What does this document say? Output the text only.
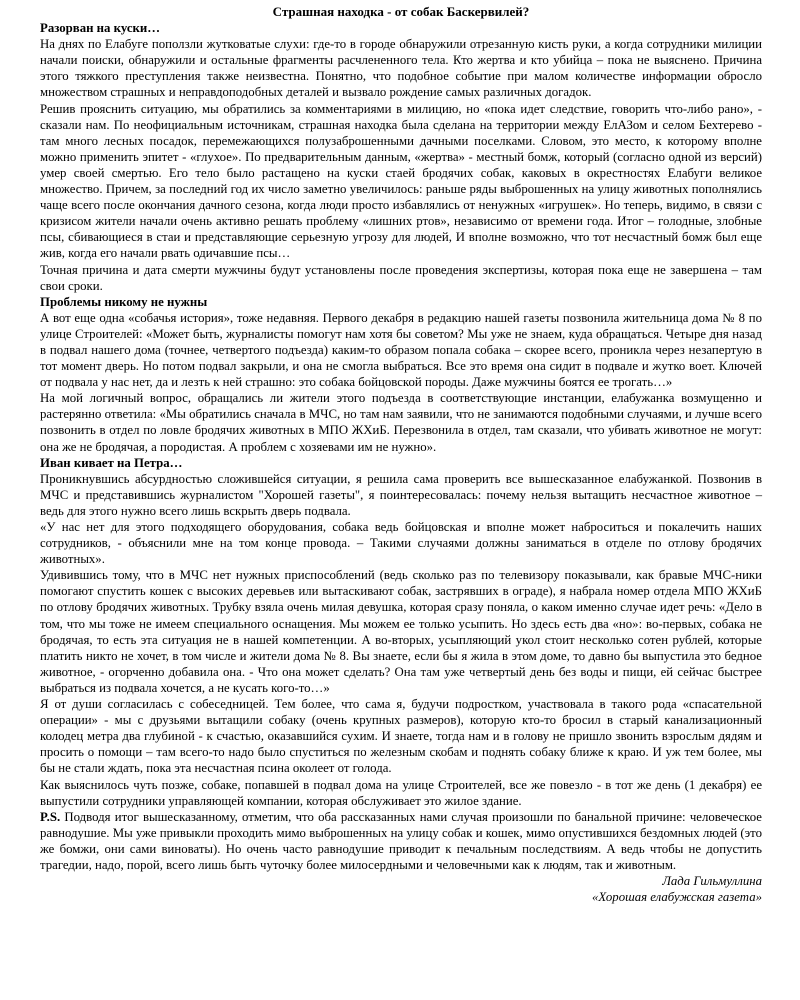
Страшная находка - от собак Баскервилей?

Разорван на куски…

На днях по Елабуге поползли жутковатые слухи: где-то в городе обнаружили отрезанную кисть руки, а когда сотрудники милиции начали поиски, обнаружили и остальные фрагменты расчлененного тела. Кто жертва и кто убийца – пока не выяснено. Причина этого тяжкого преступления также неизвестна. Понятно, что подобное событие при малом количестве информации обросло множеством страшных и неправдоподобных деталей и вызвало рождение самых различных догадок.

Решив прояснить ситуацию, мы обратились за комментариями в милицию, но «пока идет следствие, говорить что-либо рано», - сказали нам. По неофициальным источникам, страшная находка была сделана на территории между ЕлАЗом и селом Бехтерево - там много лесных посадок, перемежающихся полузаброшенными дачными поселками. Словом, это место, к которому вполне можно применить эпитет - «глухое». По предварительным данным, «жертва» - местный бомж, который (согласно одной из версий) умер своей смертью. Его тело было растащено на куски стаей бродячих собак, каковых в окрестностях Елабуги великое множество. Причем, за последний год их число заметно увеличилось: раньше ряды выброшенных на улицу животных пополнялись чаще всего после окончания дачного сезона, когда люди просто избавлялись от ненужных «игрушек». Но теперь, видимо, в связи с кризисом жители начали очень активно решать проблему «лишних ртов», независимо от времени года. Итог – голодные, злобные псы, сбивающиеся в стаи и представляющие серьезную угрозу для людей, И вполне возможно, что тот несчастный бомж был еще жив, когда его начали рвать одичавшие псы…

Точная причина и дата смерти мужчины будут установлены после проведения экспертизы, которая пока еще не завершена – там свои сроки.

Проблемы никому не нужны

А вот еще одна «собачья история», тоже недавняя. Первого декабря в редакцию нашей газеты позвонила жительница дома № 8 по улице Строителей: «Может быть, журналисты помогут нам хотя бы советом? Мы уже не знаем, куда обращаться. Четыре дня назад в подвал нашего дома (точнее, четвертого подъезда) каким-то образом попала собака – скорее всего, проникла через незапертую в тот момент дверь. Но потом подвал закрыли, и она не смогла выбраться. Все это время она сидит в подвале и жутко воет. Ключей от подвала у нас нет, да и лезть к ней страшно: это собака бойцовской породы. Даже мужчины боятся ее трогать…»

На мой логичный вопрос, обращались ли жители этого подъезда в соответствующие инстанции, елабужанка возмущенно и растерянно ответила: «Мы обратились сначала в МЧС, но там нам заявили, что не занимаются подобными случаями, и лучше всего позвонить в отдел по ловле бродячих животных в МПО ЖХиБ. Перезвонила в отдел, там сказали, что убивать животное не могут: она же не бродячая, а породистая. А проблем с хозяевами им не нужно».

Иван кивает на Петра…

Проникнувшись абсурдностью сложившейся ситуации, я решила сама проверить все вышесказанное елабужанкой. Позвонив в МЧС и представившись журналистом "Хорошей газеты", я поинтересовалась: почему нельзя вытащить несчастное животное – ведь для этого нужно всего лишь вскрыть дверь подвала.

«У нас нет для этого подходящего оборудования, собака ведь бойцовская и вполне может наброситься и покалечить наших сотрудников, - объяснили мне на том конце провода. – Такими случаями должны заниматься в отделе по отлову бродячих животных».

Удивившись тому, что в МЧС нет нужных приспособлений (ведь сколько раз по телевизору показывали, как бравые МЧС-ники помогают спустить кошек с высоких деревьев или вытаскивают собак, застрявших в ограде), я набрала номер отдела МПО ЖХиБ по отлову бродячих животных. Трубку взяла очень милая девушка, которая сразу поняла, о каком именно случае идет речь: «Дело в том, что мы тоже не имеем специального оснащения. Мы можем ее только усыпить. Но здесь есть два «но»: во-первых, собака не бродячая, то есть эта ситуация не в нашей компетенции. А во-вторых, усыпляющий укол стоит несколько сотен рублей, которые платить никто не хочет, в том числе и жители дома № 8. Вы знаете, если бы я жила в этом доме, то давно бы выпустила это бедное животное, - огорченно добавила она. - Что она может сделать? Она там уже четвертый день без воды и пищи, ей сейчас быстрее выбраться из подвала хочется, а не кусать кого-то…»

Я от души согласилась с собеседницей. Тем более, что сама я, будучи подростком, участвовала в такого рода «спасательной операции» - мы с друзьями вытащили собаку (очень крупных размеров), которую кто-то бросил в старый канализационный колодец метра два глубиной - к счастью, оказавшийся сухим. И знаете, тогда нам и в голову не пришло звонить взрослым дядям и просить о помощи – там всего-то надо было спуститься по железным скобам и поднять собаку ближе к краю. И уж тем более, мы бы не стали ждать, пока эта несчастная псина околеет от голода.

Как выяснилось чуть позже, собаке, попавшей в подвал дома на улице Строителей, все же повезло - в тот же день (1 декабря) ее выпустили сотрудники управляющей компании, которая обслуживает это жилое здание.

P.S. Подводя итог вышесказанному, отметим, что оба рассказанных нами случая произошли по банальной причине: человеческое равнодушие. Мы уже привыкли проходить мимо выброшенных на улицу собак и кошек, мимо опустившихся бездомных людей (это же бомжи, они сами виноваты). Но очень часто равнодушие приводит к печальным последствиям. А ведь чтобы не допустить трагедии, надо, порой, всего лишь быть чуточку более милосердными и человечными как к людям, так и животным.

Лада Гильмуллина

«Хорошая елабужская газета»
